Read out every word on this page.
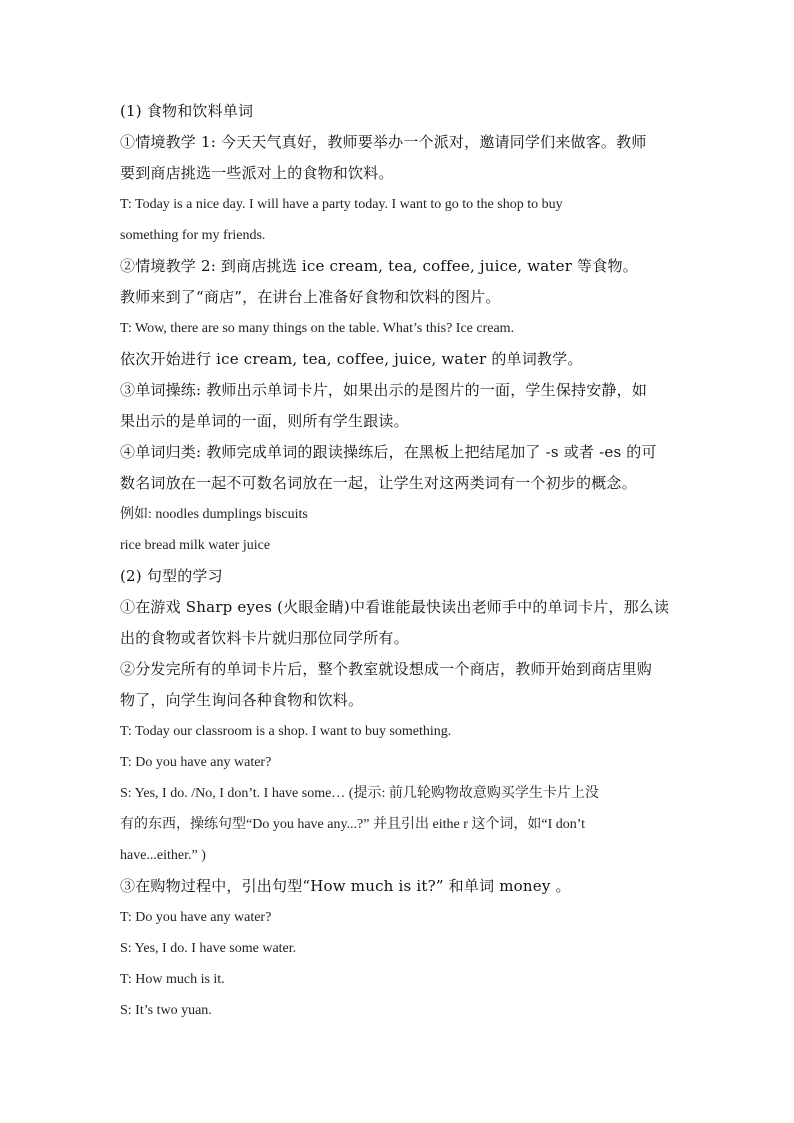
(1) 食物和饮料单词
①情境教学 1: 今天天气真好，教师要举办一个派对，邀请同学们来做客。教师
要到商店挑选一些派对上的食物和饮料。
T: Today is a nice day. I will have a party today. I want to go to the shop to buy
something for my friends.
②情境教学 2: 到商店挑选 ice cream, tea, coffee, juice, water 等食物。
教师来到了“商店”，在讲台上准备好食物和饮料的图片。
T: Wow, there are so many things on the table. What’s this? Ice cream.
依次开始进行 ice cream, tea, coffee, juice, water 的单词教学。
③单词操练: 教师出示单词卡片，如果出示的是图片的一面，学生保持安静，如
果出示的是单词的一面，则所有学生跟读。
④单词归类: 教师完成单词的跟读操练后，在黑板上把结尾加了 -s 或者 -es 的可
数名词放在一起不可数名词放在一起，让学生对这两类词有一个初步的概念。
例如: noodles dumplings biscuits
rice bread milk water juice
(2) 句型的学习
①在游戏 Sharp eyes (火眼金睛)中看谁能最快读出老师手中的单词卡片，那么读
出的食物或者饮料卡片就归那位同学所有。
②分发完所有的单词卡片后，整个教室就设想成一个商店，教师开始到商店里购
物了，向学生询问各种食物和饮料。
T: Today our classroom is a shop. I want to buy something.
T: Do you have any water?
S: Yes, I do. /No, I don’t. I have some… (提示: 前几轮购物故意购买学生卡片上没
有的东西，操练句型“Do you have any...?” 并且引出 eithe r 这个词，如“I don’t
have...either.” )
③在购物过程中，引出句型“How much is it?” 和单词 money 。
T: Do you have any water?
S: Yes, I do. I have some water.
T: How much is it.
S: It’s two yuan.
